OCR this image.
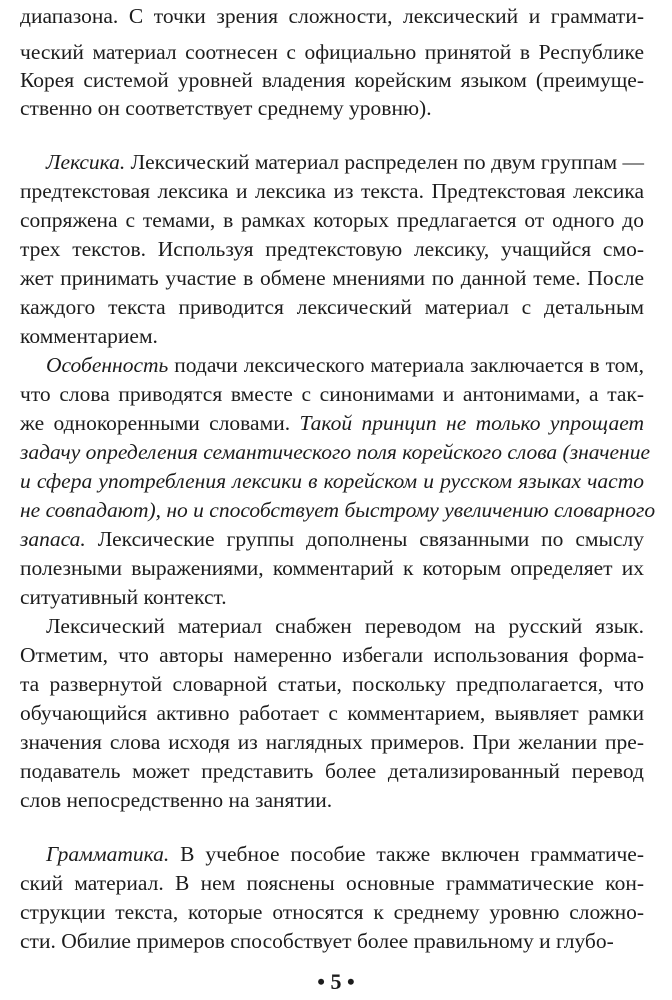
диапазона. С точки зрения сложности, лексический и граммати-
ческий материал соотнесен с официально принятой в Республике
Корея системой уровней владения корейским языком (преимуще-
ственно он соответствует среднему уровню).
Лексика. Лексический материал распределен по двум группам —
предтекстовая лексика и лексика из текста. Предтекстовая лексика
сопряжена с темами, в рамках которых предлагается от одного до
трех текстов. Используя предтекстовую лексику, учащийся смо-
жет принимать участие в обмене мнениями по данной теме. После
каждого текста приводится лексический материал с детальным
комментарием.
Особенность подачи лексического материала заключается в том,
что слова приводятся вместе с синонимами и антонимами, а так-
же однокоренными словами. Такой принцип не только упрощает
задачу определения семантического поля корейского слова (значение
и сфера употребления лексики в корейском и русском языках часто
не совпадают), но и способствует быстрому увеличению словарного
запаса. Лексические группы дополнены связанными по смыслу
полезными выражениями, комментарий к которым определяет их
ситуативный контекст.
Лексический материал снабжен переводом на русский язык.
Отметим, что авторы намеренно избегали использования форма-
та развернутой словарной статьи, поскольку предполагается, что
обучающийся активно работает с комментарием, выявляет рамки
значения слова исходя из наглядных примеров. При желании пре-
подаватель может представить более детализированный перевод
слов непосредственно на занятии.
Грамматика. В учебное пособие также включен грамматиче-
ский материал. В нем пояснены основные грамматические кон-
струкции текста, которые относятся к среднему уровню сложно-
сти. Обилие примеров способствует более правильному и глубо-
• 5 •
